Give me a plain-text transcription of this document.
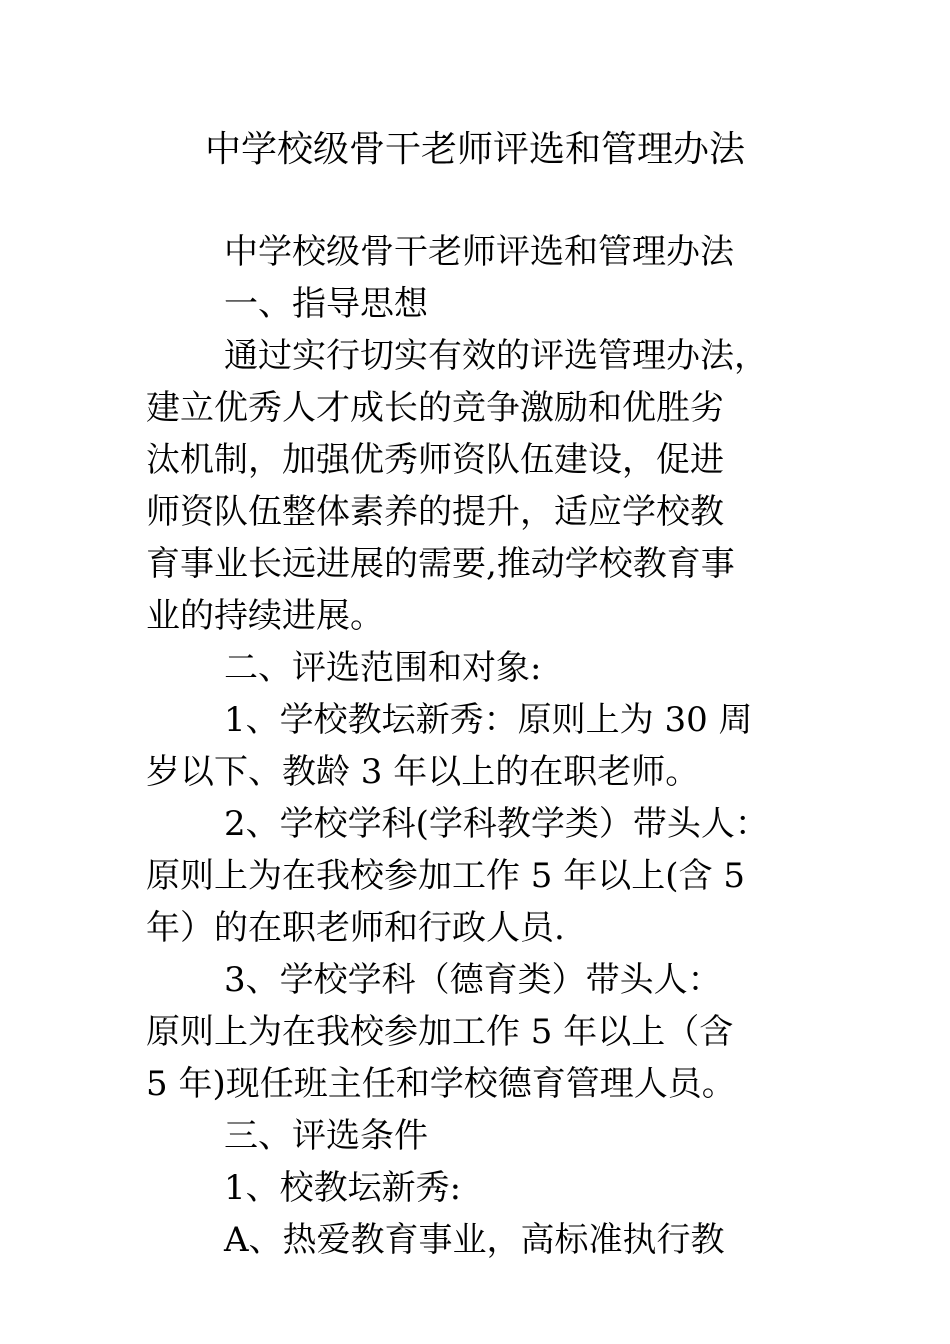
中学校级骨干老师评选和管理办法
中学校级骨干老师评选和管理办法
一、指导思想
通过实行切实有效的评选管理办法，
建立优秀人才成长的竞争激励和优胜劣
汰机制，加强优秀师资队伍建设，促进
师资队伍整体素养的提升，适应学校教
育事业长远进展的需要,推动学校教育事
业的持续进展。
二、评选范围和对象:
1、学校教坛新秀：原则上为 30 周
岁以下、教龄 3 年以上的在职老师。
2、学校学科(学科教学类）带头人：
原则上为在我校参加工作 5 年以上(含 5
年）的在职老师和行政人员.
3、学校学科（德育类）带头人：
原则上为在我校参加工作 5 年以上（含
5 年)现任班主任和学校德育管理人员。
三、评选条件
1、校教坛新秀:
A、热爱教育事业，高标准执行教
